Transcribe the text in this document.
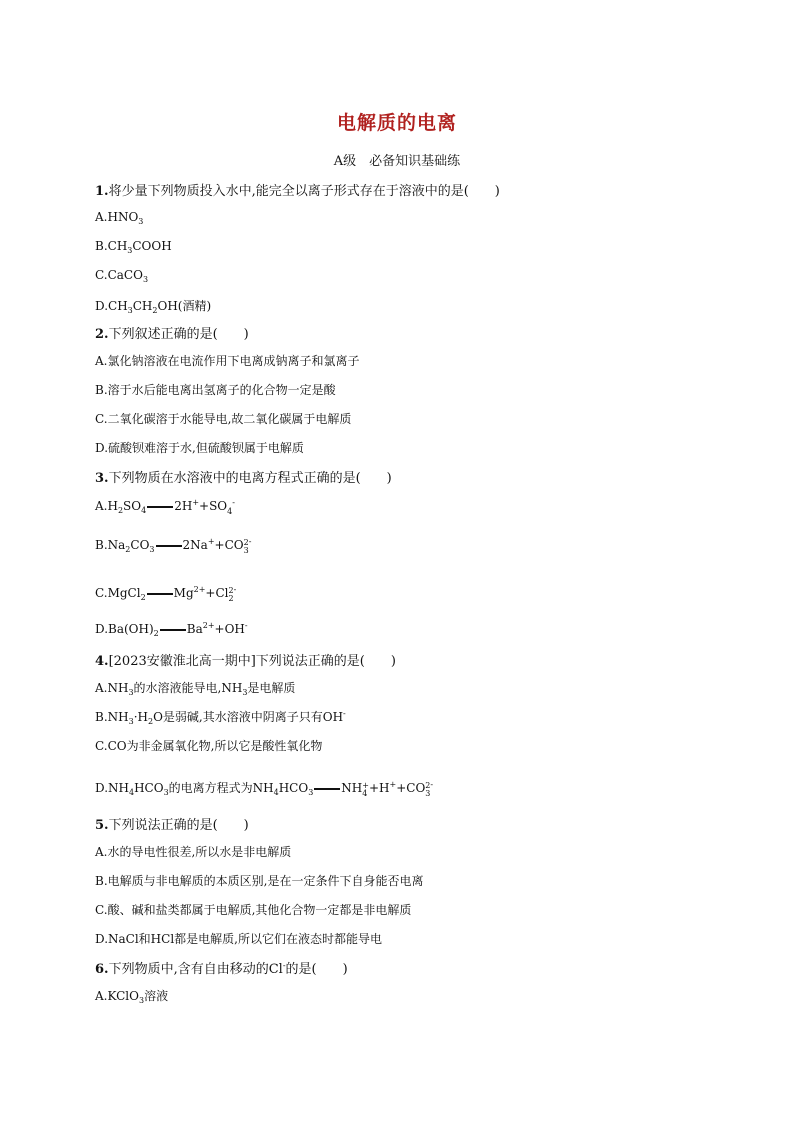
电解质的电离
A级　必备知识基础练
1.将少量下列物质投入水中,能完全以离子形式存在于溶液中的是(　　)
$A.HNO_3$
$B.CH_3COOH$
C.CaCO$_3$
$D.CH_3CH_2OH$(酒精)
2.下列叙述正确的是(　　)
A.氯化钠溶液在电流作用下电离成钠离子和氯离子
B.溶于水后能电离出氢离子的化合物一定是酸
C.二氧化碳溶于水能导电,故二氧化碳属于电解质
D.硫酸钡难溶于水,但硫酸钡属于电解质
3.下列物质在水溶液中的电离方程式正确的是(　　)
$A.H_2SO_4$ 2H++SO4-
$B.Na_2CO_3$ 2Na++CO2
3-
C.MgCl$_2$ $Mg^{2+}+Cl2$
2-
$D.Ba(OH)_2$ $Ba^{2+}+OH^-$
4.[2023安徽淮北高一期中]下列说法正确的是(　　)
$A.NH_3$的水溶液能导电$,NH_3$是电解质
$B.NH_3\cdot H_2O$是弱碱,其水溶液中阴离子只有OH-
C.CO为非金属氧化物,所以它是酸性氧化物
$D.NH_4HCO_3$的电离方程式为$NH_4HCO_3$ NH+
4 +H++CO2
3-
5.下列说法正确的是(　　)
A.水的导电性很差,所以水是非电解质
B.电解质与非电解质的本质区别,是在一定条件下自身能否电离
C.酸、碱和盐类都属于电解质,其他化合物一定都是非电解质
D.NaCl和HCl都是电解质,所以它们在液态时都能导电
6.下列物质中,含有自由移动的Cl-的是(　　)
A.KClO$_3$溶液
